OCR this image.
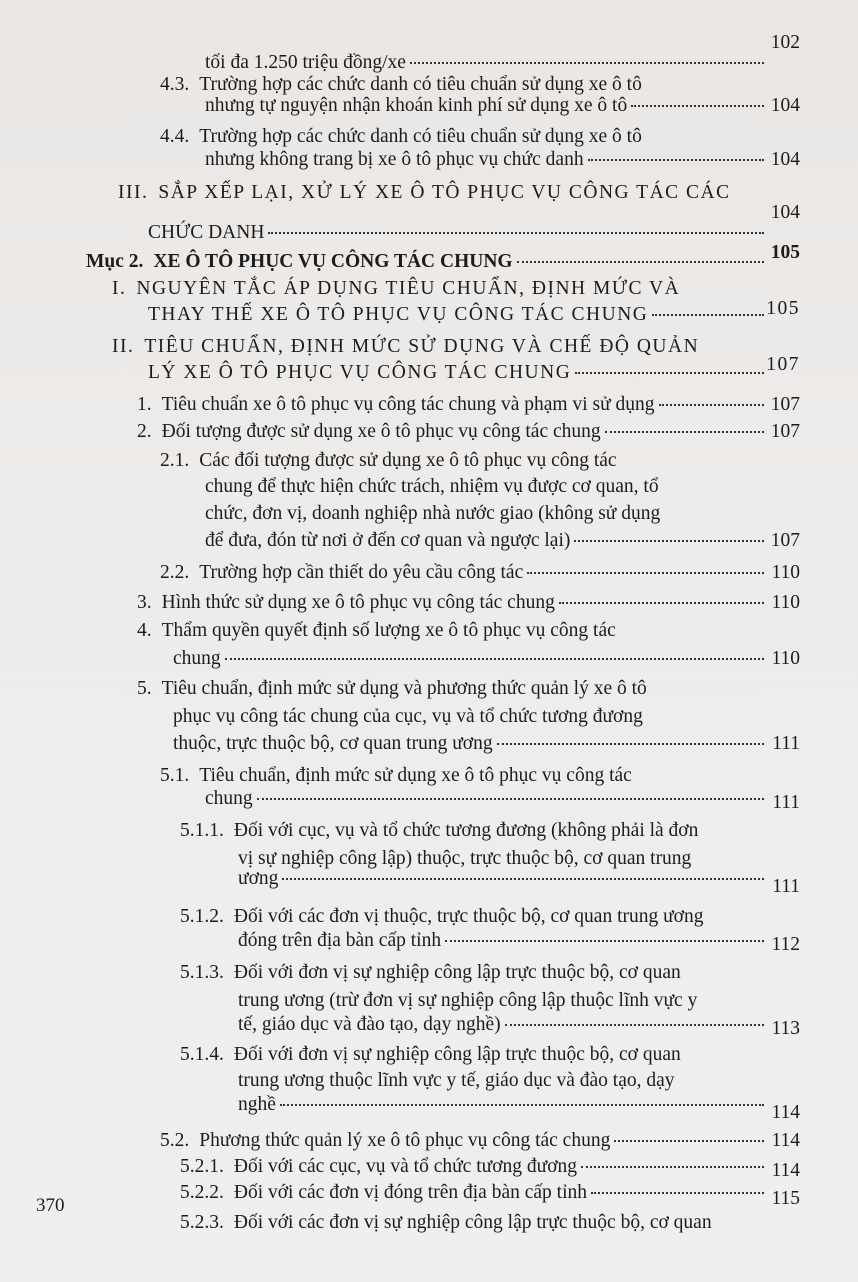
tối đa 1.250 triệu đồng/xe
102
4.3. Trường hợp các chức danh có tiêu chuẩn sử dụng xe ô tô
nhưng tự nguyện nhận khoán kinh phí sử dụng xe ô tô	104
4.4. Trường hợp các chức danh có tiêu chuẩn sử dụng xe ô tô
nhưng không trang bị xe ô tô phục vụ chức danh	104
III. SẮP XẾP LẠI, XỬ LÝ XE Ô TÔ PHỤC VỤ CÔNG TÁC CÁC
CHỨC DANH
104
Mục 2. XE Ô TÔ PHỤC VỤ CÔNG TÁC CHUNG	105
I. NGUYÊN TẮC ÁP DỤNG TIÊU CHUẨN, ĐỊNH MỨC VÀ
THAY THẾ XE Ô TÔ PHỤC VỤ CÔNG TÁC CHUNG	105
II. TIÊU CHUẨN, ĐỊNH MỨC SỬ DỤNG VÀ CHẾ ĐỘ QUẢN
LÝ XE Ô TÔ PHỤC VỤ CÔNG TÁC CHUNG	107
1. Tiêu chuẩn xe ô tô phục vụ công tác chung và phạm vi sử dụng	107
2. Đối tượng được sử dụng xe ô tô phục vụ công tác chung	107
2.1. Các đối tượng được sử dụng xe ô tô phục vụ công tác
chung để thực hiện chức trách, nhiệm vụ được cơ quan, tổ
chức, đơn vị, doanh nghiệp nhà nước giao (không sử dụng
để đưa, đón từ nơi ở đến cơ quan và ngược lại)	107
2.2. Trường hợp cần thiết do yêu cầu công tác	110
3. Hình thức sử dụng xe ô tô phục vụ công tác chung	110
4. Thẩm quyền quyết định số lượng xe ô tô phục vụ công tác
chung	110
5. Tiêu chuẩn, định mức sử dụng và phương thức quản lý xe ô tô
phục vụ công tác chung của cục, vụ và tổ chức tương đương
thuộc, trực thuộc bộ, cơ quan trung ương	111
5.1. Tiêu chuẩn, định mức sử dụng xe ô tô phục vụ công tác
chung	111
5.1.1. Đối với cục, vụ và tổ chức tương đương (không phải là đơn
vị sự nghiệp công lập) thuộc, trực thuộc bộ, cơ quan trung
ương	111
5.1.2. Đối với các đơn vị thuộc, trực thuộc bộ, cơ quan trung ương
đóng trên địa bàn cấp tỉnh	112
5.1.3. Đối với đơn vị sự nghiệp công lập trực thuộc bộ, cơ quan
trung ương (trừ đơn vị sự nghiệp công lập thuộc lĩnh vực y
tế, giáo dục và đào tạo, dạy nghề)	113
5.1.4. Đối với đơn vị sự nghiệp công lập trực thuộc bộ, cơ quan
trung ương thuộc lĩnh vực y tế, giáo dục và đào tạo, dạy
nghề	114
5.2. Phương thức quản lý xe ô tô phục vụ công tác chung	114
5.2.1. Đối với các cục, vụ và tổ chức tương đương	114
5.2.2. Đối với các đơn vị đóng trên địa bàn cấp tỉnh	115
5.2.3. Đối với các đơn vị sự nghiệp công lập trực thuộc bộ, cơ quan
370
